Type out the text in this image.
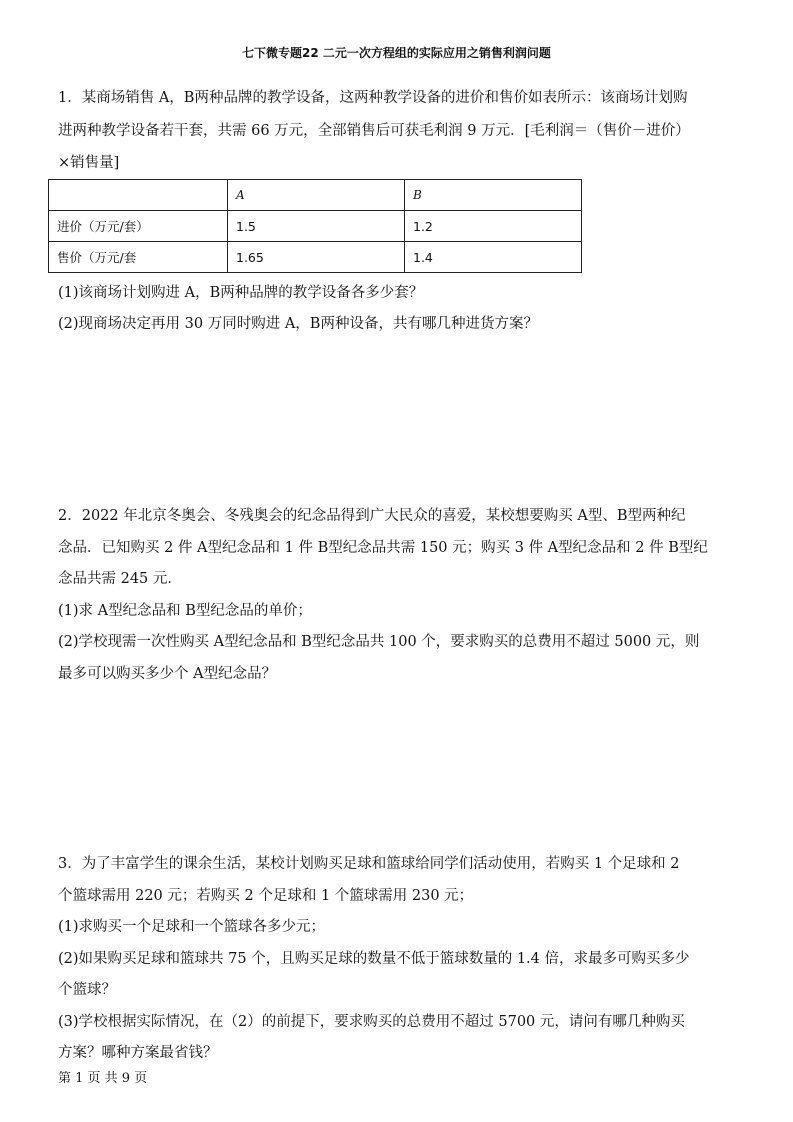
七下微专题22 二元一次方程组的实际应用之销售利润问题
1．某商场销售 A，B两种品牌的教学设备，这两种教学设备的进价和售价如表所示：该商场计划购
进两种教学设备若干套，共需 66 万元，全部销售后可获毛利润 9 万元．[毛利润＝（售价－进价）
×销售量]
	A	B
进价（万元/套）	1.5	1.2
售价（万元/套	1.65	1.4
(1)该商场计划购进 A，B两种品牌的教学设备各多少套？
(2)现商场决定再用 30 万同时购进 A，B两种设备，共有哪几种进货方案？
2．2022 年北京冬奥会、冬残奥会的纪念品得到广大民众的喜爱，某校想要购买 A型、B型两种纪
念品．已知购买 2 件 A型纪念品和 1 件 B型纪念品共需 150 元；购买 3 件 A型纪念品和 2 件 B型纪
念品共需 245 元．
(1)求 A型纪念品和 B型纪念品的单价；
(2)学校现需一次性购买 A型纪念品和 B型纪念品共 100 个，要求购买的总费用不超过 5000 元，则
最多可以购买多少个 A型纪念品？
3．为了丰富学生的课余生活，某校计划购买足球和篮球给同学们活动使用，若购买 1 个足球和 2
个篮球需用 220 元；若购买 2 个足球和 1 个篮球需用 230 元；
(1)求购买一个足球和一个篮球各多少元；
(2)如果购买足球和篮球共 75 个，且购买足球的数量不低于篮球数量的 1.4 倍，求最多可购买多少
个篮球？
(3)学校根据实际情况，在（2）的前提下，要求购买的总费用不超过 5700 元，请问有哪几种购买
方案？哪种方案最省钱？
第 1 页 共 9 页
